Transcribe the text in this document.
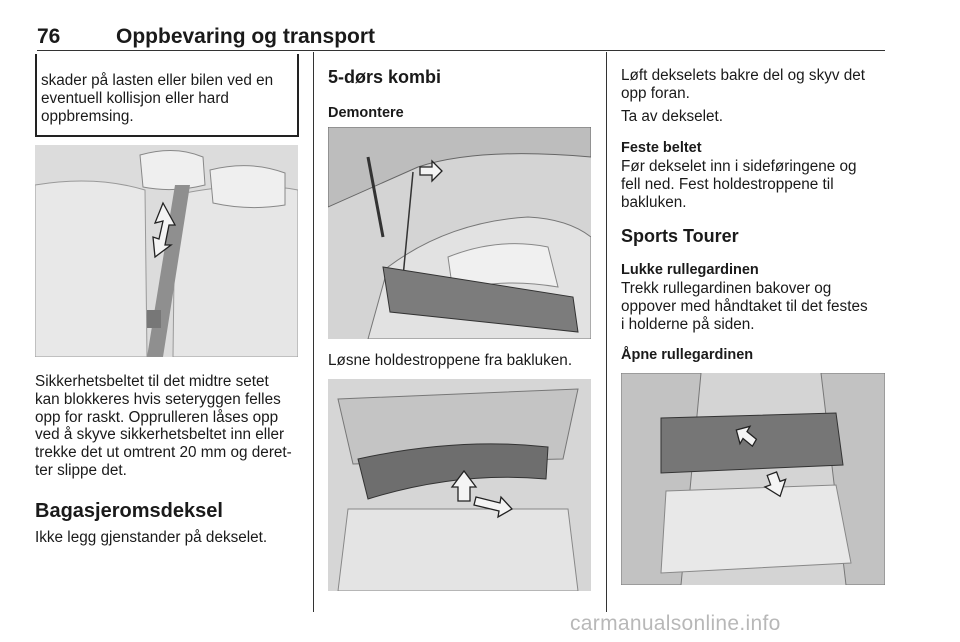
76	Oppbevaring og transport
skader på lasten eller bilen ved en eventuell kollisjon eller hard oppbremsing.
Sikkerhetsbeltet til det midtre setet
kan blokkeres hvis seteryggen felles
opp for raskt. Opprulleren låses opp
ved å skyve sikkerhetsbeltet inn eller
trekke det ut omtrent 20 mm og deret-
ter slippe det.
Bagasjeromsdeksel
Ikke legg gjenstander på dekselet.
5-dørs kombi
Demontere
Løsne holdestroppene fra bakluken.
Løft dekselets bakre del og skyv det
opp foran.
Ta av dekselet.
Feste beltet
Før dekselet inn i sideføringene og
fell ned. Fest holdestroppene til
bakluken.
Sports Tourer
Lukke rullegardinen
Trekk rullegardinen bakover og
oppover med håndtaket til det festes
i holderne på siden.
Åpne rullegardinen
carmanualsonline.info
